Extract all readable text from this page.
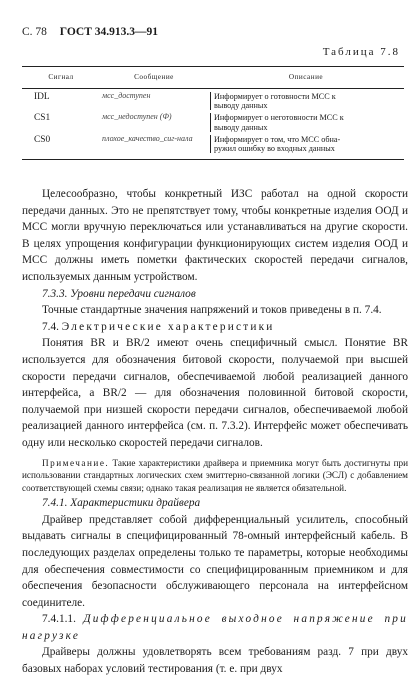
С. 78 ГОСТ 34.913.3—91
Таблица 7.8
Сигнал	Сообщение	Описание
IDL	мсс_доступен	Информирует о готовности МСС к
выводу данных

CS1	мсс_недоступен (Ф)	Информирует о неготовности МСС к
выводу данных

CS0	плохое_качество_сиг-нала	Информирует о том, что МСС обна-
ружил ошибку во входных данных

Целесообразно, чтобы конкретный ИЗС работал на одной скорости передачи данных. Это не препятствует тому, чтобы конкретные изделия ООД и МСС могли вручную переключаться или устанавливаться на другие скорости. В целях упрощения конфигурации функционирующих систем изделия ООД и МСС должны иметь пометки фактических скоростей передачи сигналов, используемых данным устройством.

7.3.3. Уровни передачи сигналов

Точные стандартные значения напряжений и токов приведены в п. 7.4.

7.4. Электрические характеристики

Понятия BR и BR/2 имеют очень специфичный смысл. Понятие BR используется для обозначения битовой скорости, получаемой при высшей скорости передачи сигналов, обеспечиваемой любой реализацией данного интерфейса, а BR/2 — для обозначения половинной битовой скорости, получаемой при низшей скорости передачи сигналов, обеспечиваемой любой реализацией данного интерфейса (см. п. 7.3.2). Интерфейс может обеспечивать одну или несколько скоростей передачи сигналов.

Примечание. Такие характеристики драйвера и приемника могут быть достигнуты при использовании стандартных логических схем эмиттерно-связанной логики (ЭСЛ) с добавлением соответствующей схемы связи; однако такая реализация не является обязательной.

7.4.1. Характеристики драйвера

Драйвер представляет собой дифференциальный усилитель, способный выдавать сигналы в специфицированный 78-омный интерфейсный кабель. В последующих разделах определены только те параметры, которые необходимы для обеспечения совместимости со специфицированным приемником и для обеспечения безопасности обслуживающего персонала на интерфейсном соединителе.

7.4.1.1. Дифференциальное выходное напряжение при нагрузке

Драйверы должны удовлетворять всем требованиям разд. 7 при двух базовых наборах условий тестирования (т. е. при двух
